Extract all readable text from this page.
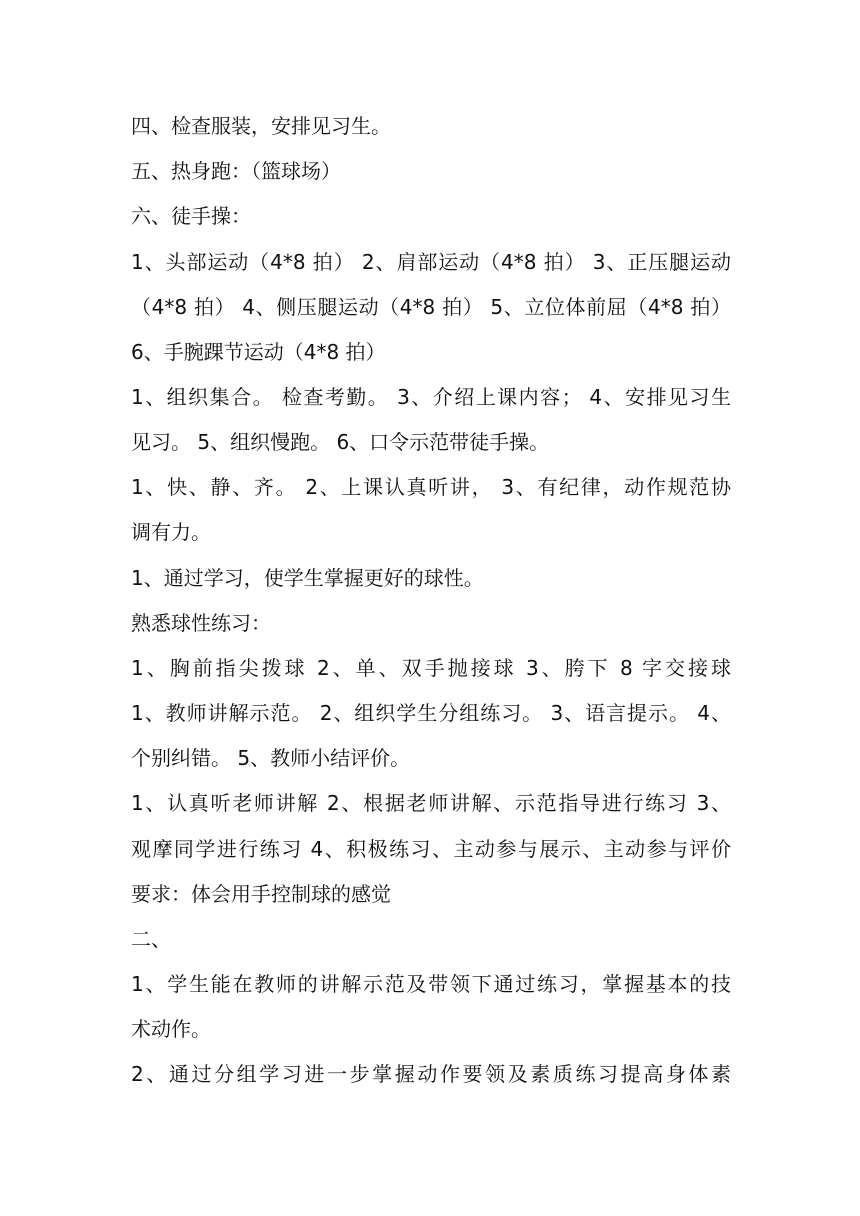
四、检查服装，安排见习生。
五、热身跑：（篮球场）
六、徒手操：
1、头部运动（4*8 拍） 2、肩部运动（4*8 拍） 3、正压腿运动
（4*8 拍） 4、侧压腿运动（4*8 拍） 5、立位体前屈（4*8 拍）
6、手腕踝节运动（4*8 拍）
1、组织集合。 检查考勤。 3、介绍上课内容； 4、安排见习生
见习。 5、组织慢跑。 6、口令示范带徒手操。
1、快、静、齐。 2、上课认真听讲， 3、有纪律，动作规范协
调有力。
1、通过学习，使学生掌握更好的球性。
熟悉球性练习：
1、胸前指尖拨球 2、单、双手抛接球 3、胯下 8 字交接球
1、教师讲解示范。 2、组织学生分组练习。 3、语言提示。 4、
个别纠错。 5、教师小结评价。
1、认真听老师讲解 2、根据老师讲解、示范指导进行练习 3、
观摩同学进行练习 4、积极练习、主动参与展示、主动参与评价
要求：体会用手控制球的感觉
二、
1、学生能在教师的讲解示范及带领下通过练习，掌握基本的技
术动作。
2、通过分组学习进一步掌握动作要领及素质练习提高身体素
